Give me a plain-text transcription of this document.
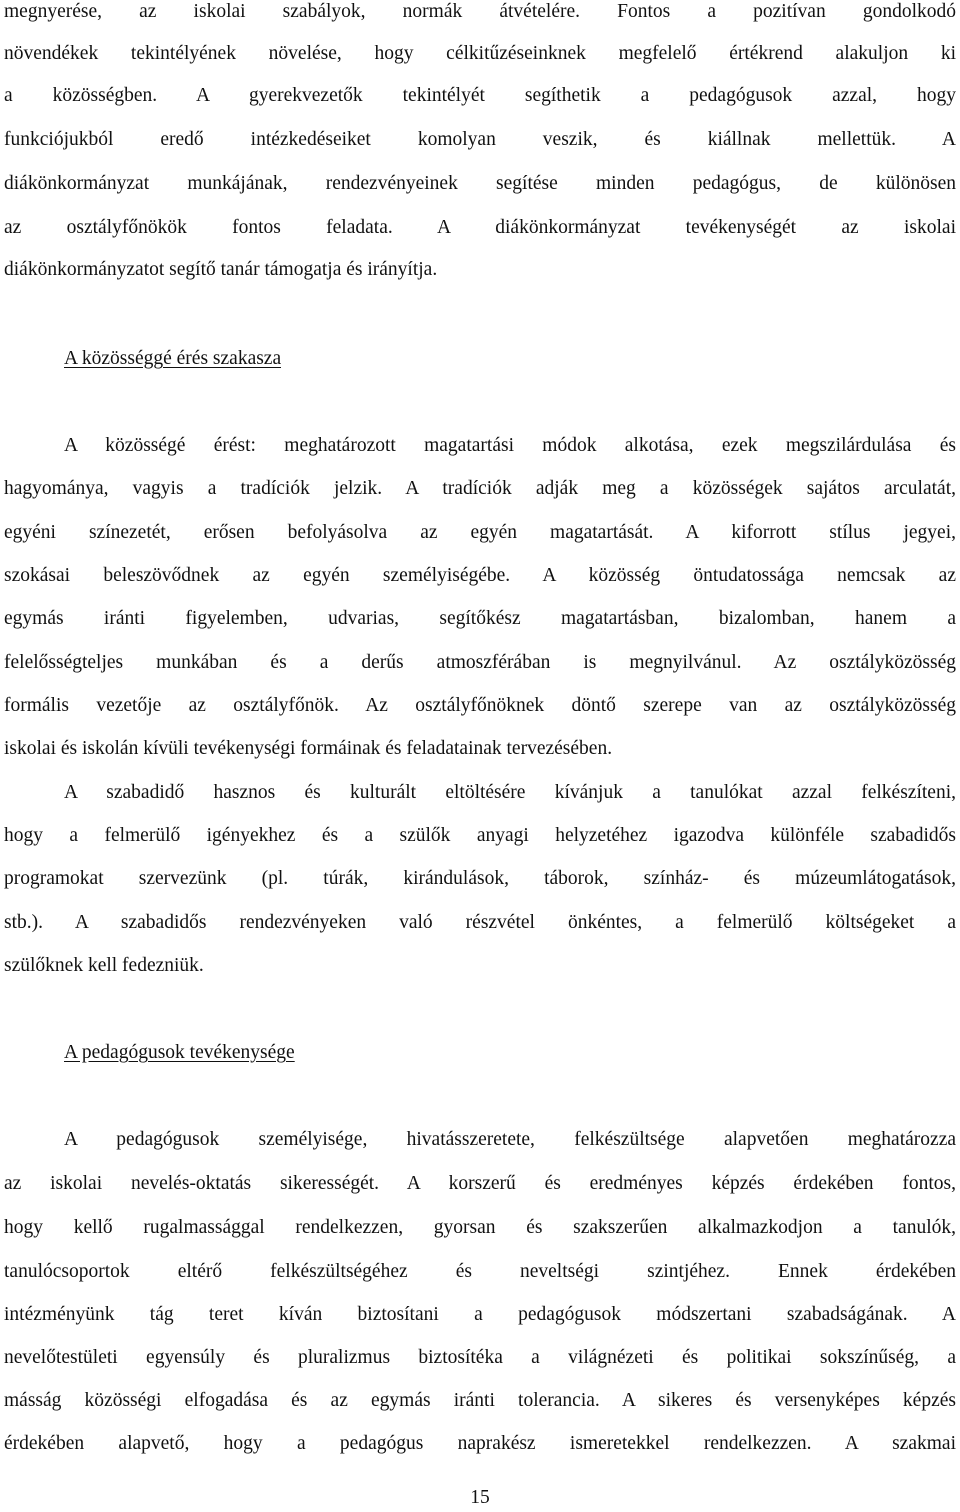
megnyerése, az iskolai szabályok, normák átvételére. Fontos a pozitívan gondolkodó
növendékek tekintélyének növelése, hogy célkitűzéseinknek megfelelő értékrend alakuljon ki
a közösségben. A gyerekvezetők tekintélyét segíthetik a pedagógusok azzal, hogy
funkciójukból eredő intézkedéseiket komolyan veszik, és kiállnak mellettük. A
diákönkormányzat munkájának, rendezvényeinek segítése minden pedagógus, de különösen
az osztályfőnökök fontos feladata. A diákönkormányzat tevékenységét az iskolai
diákönkormányzatot segítő tanár támogatja és irányítja.
A közösséggé érés szakasza
A közösségé érést: meghatározott magatartási módok alkotása, ezek megszilárdulása és
hagyománya, vagyis a tradíciók jelzik. A tradíciók adják meg a közösségek sajátos arculatát,
egyéni színezetét, erősen befolyásolva az egyén magatartását. A kiforrott stílus jegyei,
szokásai beleszövődnek az egyén személyiségébe. A közösség öntudatossága nemcsak az
egymás iránti figyelemben, udvarias, segítőkész magatartásban, bizalomban, hanem a
felelősségteljes munkában és a derűs atmoszférában is megnyilvánul. Az osztályközösség
formális vezetője az osztályfőnök. Az osztályfőnöknek döntő szerepe van az osztályközösség
iskolai és iskolán kívüli tevékenységi formáinak és feladatainak tervezésében.
A szabadidő hasznos és kulturált eltöltésére kívánjuk a tanulókat azzal felkészíteni,
hogy a felmerülő igényekhez és a szülők anyagi helyzetéhez igazodva különféle szabadidős
programokat szervezünk (pl. túrák, kirándulások, táborok, színház- és múzeumlátogatások,
stb.). A szabadidős rendezvényeken való részvétel önkéntes, a felmerülő költségeket a
szülőknek kell fedezniük.
A pedagógusok tevékenysége
A pedagógusok személyisége, hivatásszeretete, felkészültsége alapvetően meghatározza
az iskolai nevelés-oktatás sikerességét. A korszerű és eredményes képzés érdekében fontos,
hogy kellő rugalmassággal rendelkezzen, gyorsan és szakszerűen alkalmazkodjon a tanulók,
tanulócsoportok eltérő felkészültségéhez és neveltségi szintjéhez. Ennek érdekében
intézményünk tág teret kíván biztosítani a pedagógusok módszertani szabadságának. A
nevelőtestületi egyensúly és pluralizmus biztosítéka a világnézeti és politikai sokszínűség, a
másság közösségi elfogadása és az egymás iránti tolerancia. A sikeres és versenyképes képzés
érdekében alapvető, hogy a pedagógus naprakész ismeretekkel rendelkezzen. A szakmai
15
